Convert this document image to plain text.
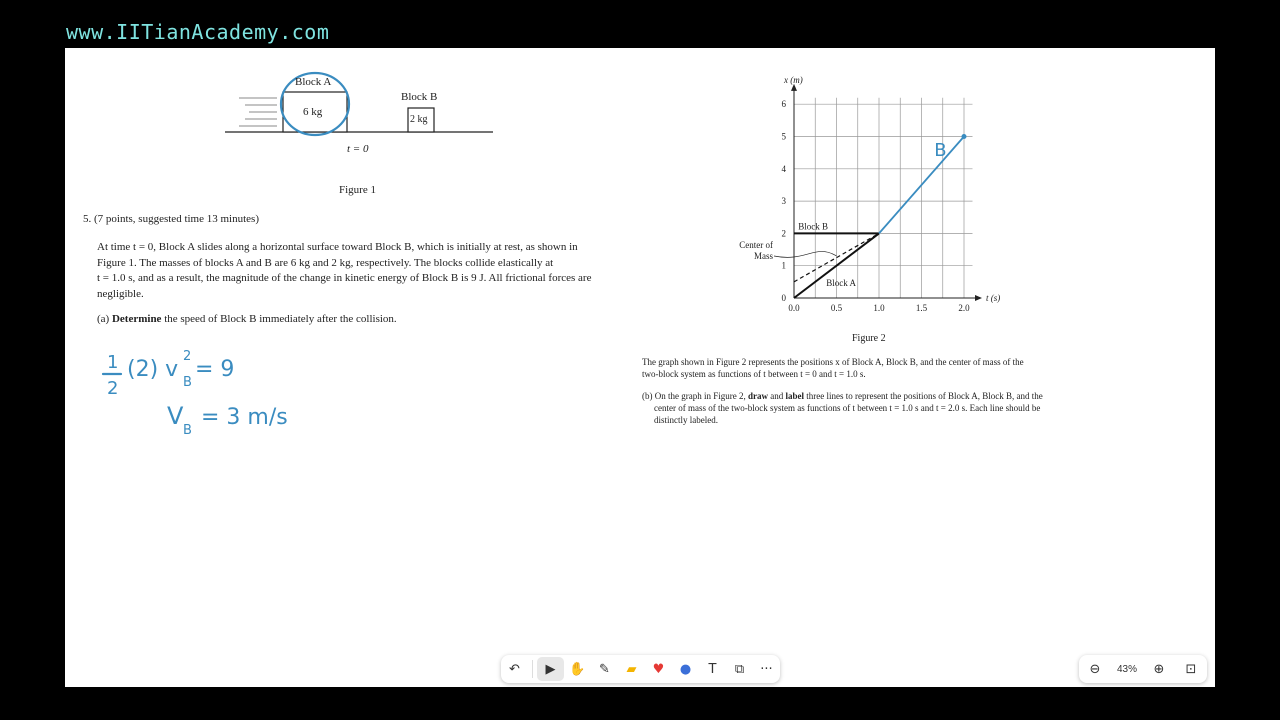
www.IITianAcademy.com
Block A
6 kg
Block B
2 kg
t = 0
Figure 1
5. (7 points, suggested time 13 minutes)
At time t = 0, Block A slides along a horizontal surface toward Block B, which is initially at rest, as shown in
Figure 1. The masses of blocks A and B are 6 kg and 2 kg, respectively. The blocks collide elastically at
t = 1.0 s, and as a result, the magnitude of the change in kinetic energy of Block B is 9 J. All frictional forces are
negligible.
(a) Determine the speed of Block B immediately after the collision.
1
2
(2) v
2
B
= 9
V
B
= 3 m/s
0
1
2
3
4
5
6
0.0	0.5	1.0	1.5	2.0
x (m)
t (s)
Block B
Block A
Center of
Mass
B
Figure 2
The graph shown in Figure 2 represents the positions x of Block A, Block B, and the center of mass of the
two-block system as functions of t between t = 0 and t = 1.0 s.
(b) On the graph in Figure 2, draw and label three lines to represent the positions of Block A, Block B, and the
center of mass of the two-block system as functions of t between t = 1.0 s and t = 2.0 s. Each line should be
distinctly labeled.
↶	▶	✋	✎	▰	♥	●	T	⧉	···	⊖	43%	⊕	⊡
